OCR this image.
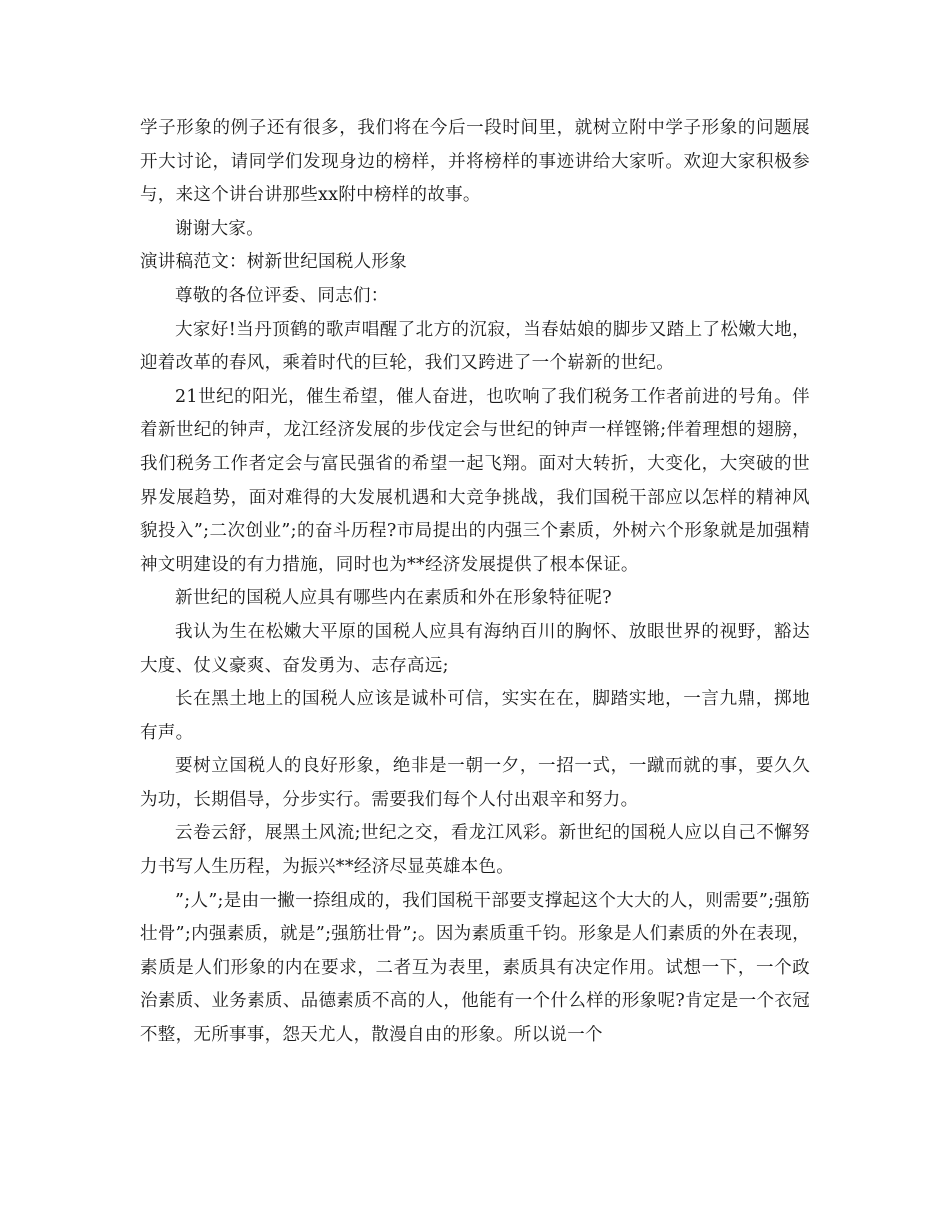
学子形象的例子还有很多，我们将在今后一段时间里，就树立附中学子形象的问题展开大讨论，请同学们发现身边的榜样，并将榜样的事迹讲给大家听。欢迎大家积极参与，来这个讲台讲那些xx附中榜样的故事。

谢谢大家。

演讲稿范文：树新世纪国税人形象

尊敬的各位评委、同志们：

大家好!当丹顶鹤的歌声唱醒了北方的沉寂，当春姑娘的脚步又踏上了松嫩大地，迎着改革的春风，乘着时代的巨轮，我们又跨进了一个崭新的世纪。

21世纪的阳光，催生希望，催人奋进，也吹响了我们税务工作者前进的号角。伴着新世纪的钟声，龙江经济发展的步伐定会与世纪的钟声一样铿锵;伴着理想的翅膀，我们税务工作者定会与富民强省的希望一起飞翔。面对大转折，大变化，大突破的世界发展趋势，面对难得的大发展机遇和大竞争挑战，我们国税干部应以怎样的精神风貌投入”;二次创业”;的奋斗历程?市局提出的内强三个素质，外树六个形象就是加强精神文明建设的有力措施，同时也为**经济发展提供了根本保证。

新世纪的国税人应具有哪些内在素质和外在形象特征呢?

我认为生在松嫩大平原的国税人应具有海纳百川的胸怀、放眼世界的视野，豁达大度、仗义豪爽、奋发勇为、志存高远;

长在黑土地上的国税人应该是诚朴可信，实实在在，脚踏实地，一言九鼎，掷地有声。

要树立国税人的良好形象，绝非是一朝一夕，一招一式，一蹴而就的事，要久久为功，长期倡导，分步实行。需要我们每个人付出艰辛和努力。

云卷云舒，展黑土风流;世纪之交，看龙江风彩。新世纪的国税人应以自己不懈努力书写人生历程，为振兴**经济尽显英雄本色。

”;人”;是由一撇一捺组成的，我们国税干部要支撑起这个大大的人，则需要”;强筋壮骨”;内强素质，就是”;强筋壮骨”;。因为素质重千钧。形象是人们素质的外在表现，素质是人们形象的内在要求，二者互为表里，素质具有决定作用。试想一下，一个政治素质、业务素质、品德素质不高的人，他能有一个什么样的形象呢?肯定是一个衣冠不整，无所事事，怨天尤人，散漫自由的形象。所以说一个
